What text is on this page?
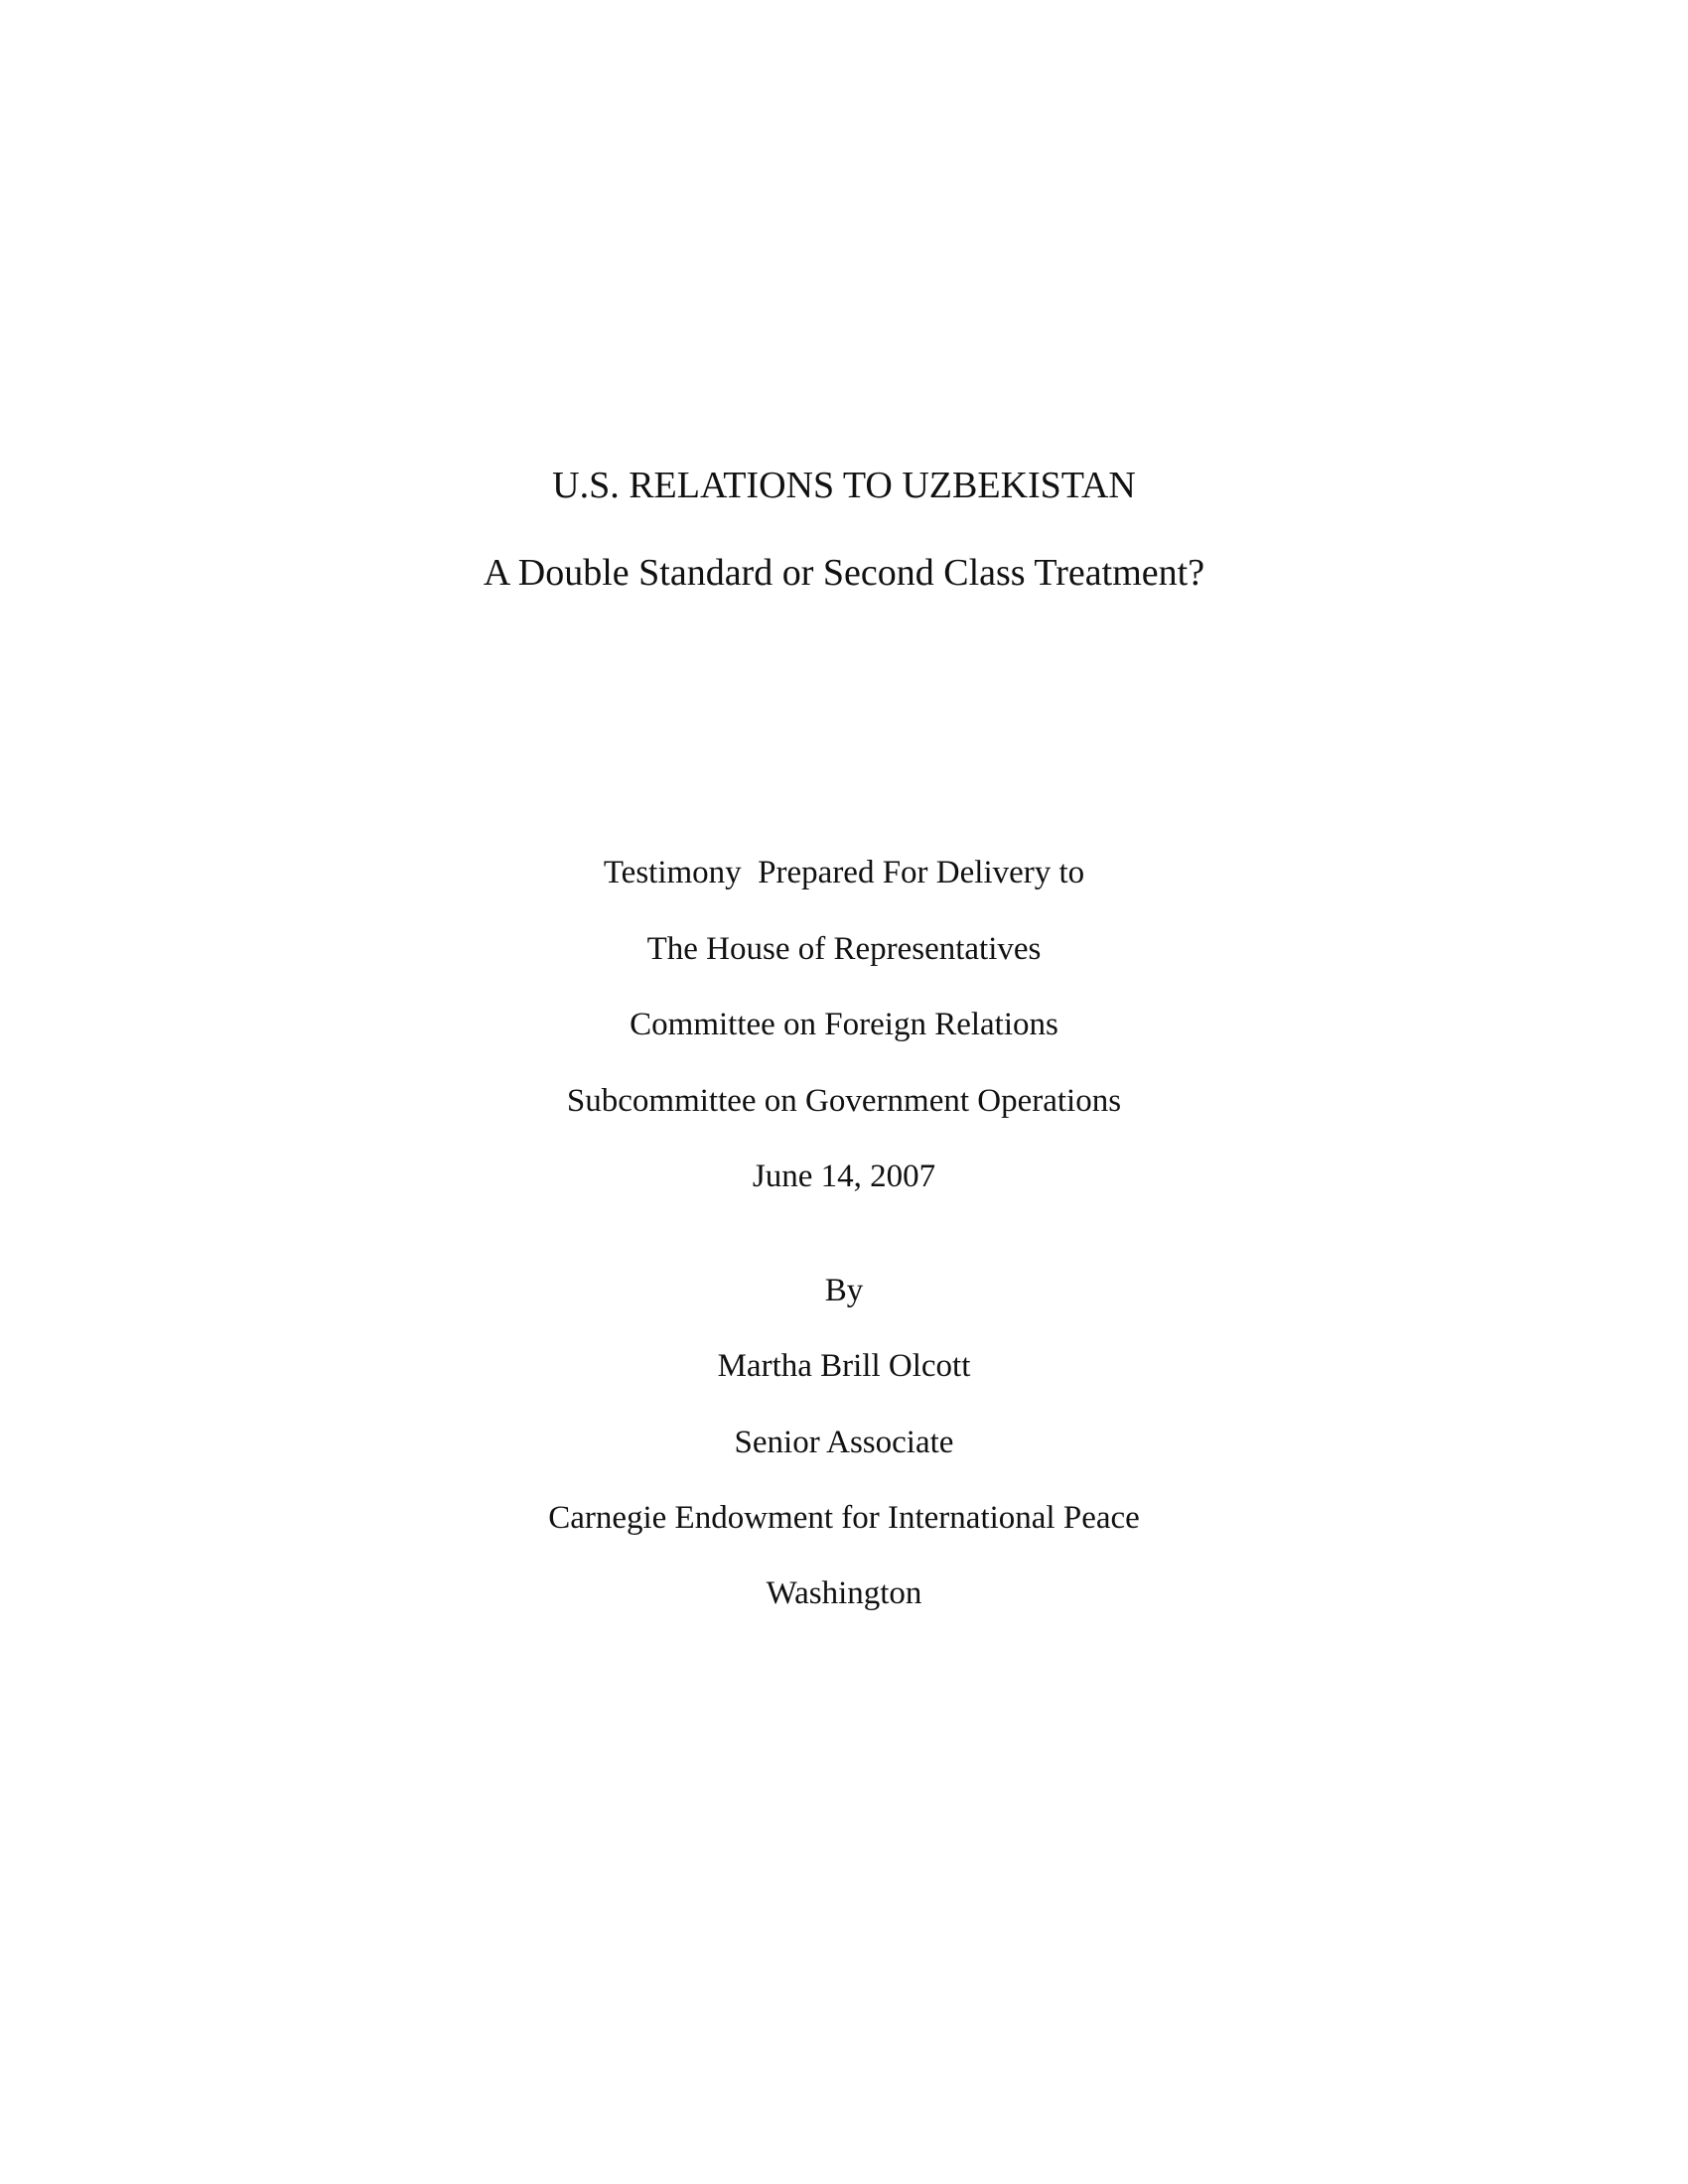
U.S. RELATIONS TO UZBEKISTAN
A Double Standard or Second Class Treatment?
Testimony  Prepared For Delivery to
The House of Representatives
Committee on Foreign Relations
Subcommittee on Government Operations
June 14, 2007
By
Martha Brill Olcott
Senior Associate
Carnegie Endowment for International Peace
Washington
